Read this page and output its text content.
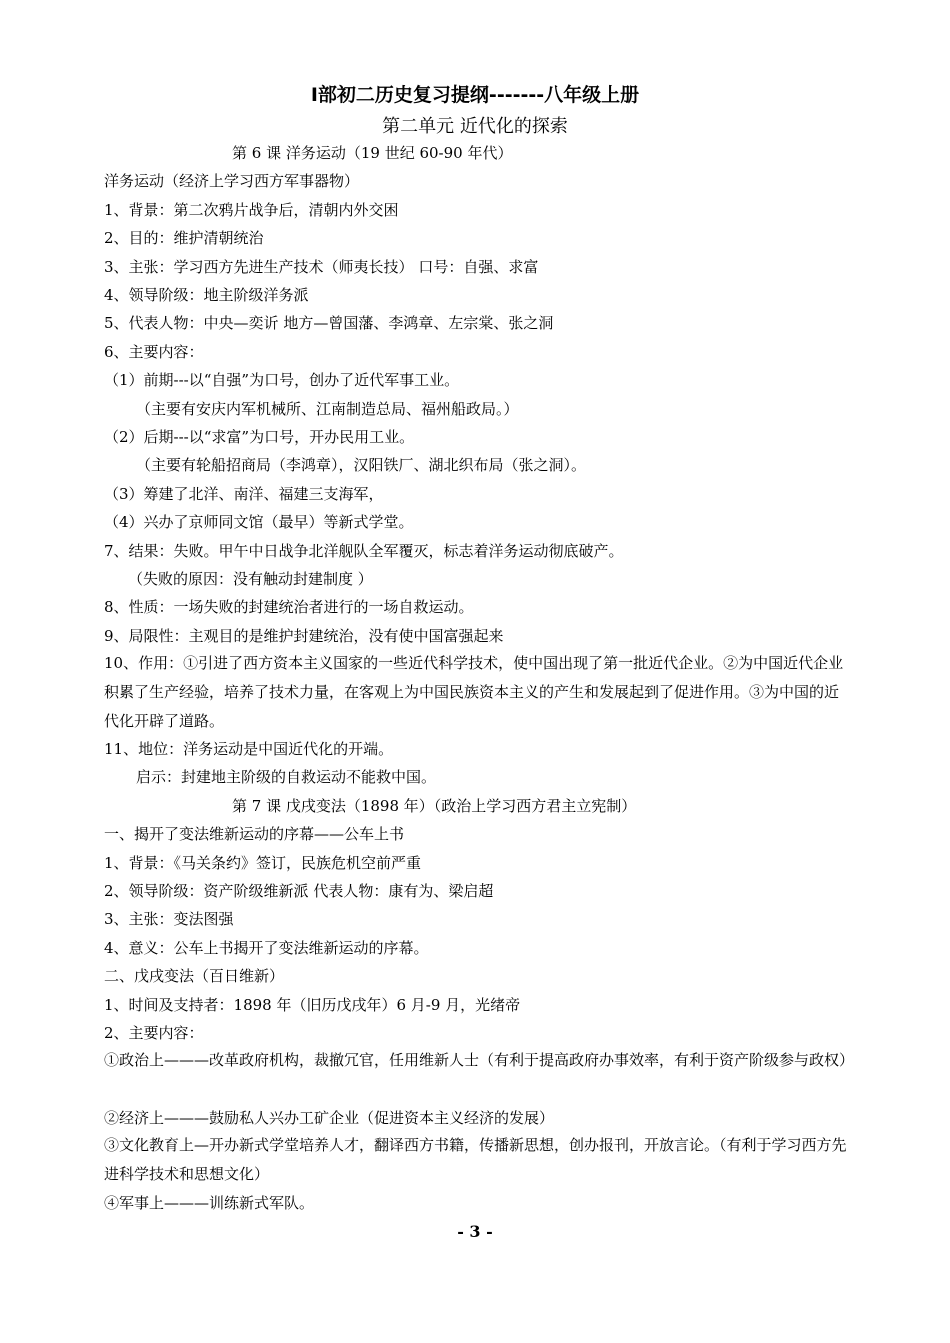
Ⅰ部初二历史复习提纲-------八年级上册
第二单元 近代化的探索
第 6 课 洋务运动（19 世纪 60-90 年代）
洋务运动（经济上学习西方军事器物）
1、背景：第二次鸦片战争后，清朝内外交困
2、目的：维护清朝统治
3、主张：学习西方先进生产技术（师夷长技） 口号：自强、求富
4、领导阶级：地主阶级洋务派
5、代表人物：中央—奕䜣 地方—曾国藩、李鸿章、左宗棠、张之洞
6、主要内容：
（1）前期---以“自强”为口号，创办了近代军事工业。
（主要有安庆内军机械所、江南制造总局、福州船政局。）
（2）后期---以“求富”为口号，开办民用工业。
（主要有轮船招商局（李鸿章），汉阳铁厂、湖北织布局（张之洞）。
（3）筹建了北洋、南洋、福建三支海军，
（4）兴办了京师同文馆（最早）等新式学堂。
7、结果：失败。甲午中日战争北洋舰队全军覆灭，标志着洋务运动彻底破产。
（失败的原因：没有触动封建制度 ）
8、性质：一场失败的封建统治者进行的一场自救运动。
9、局限性：主观目的是维护封建统治，没有使中国富强起来
10、作用：①引进了西方资本主义国家的一些近代科学技术，使中国出现了第一批近代企业。②为中国近代企业积累了生产经验，培养了技术力量，在客观上为中国民族资本主义的产生和发展起到了促进作用。③为中国的近代化开辟了道路。
11、地位：洋务运动是中国近代化的开端。
启示：封建地主阶级的自救运动不能救中国。
第 7 课 戊戌变法（1898 年）（政治上学习西方君主立宪制）
一、揭开了变法维新运动的序幕——公车上书
1、背景：《马关条约》签订，民族危机空前严重
2、领导阶级：资产阶级维新派 代表人物：康有为、梁启超
3、主张：变法图强
4、意义：公车上书揭开了变法维新运动的序幕。
二、戊戌变法（百日维新）
1、时间及支持者：1898 年（旧历戊戌年）6 月-9 月，光绪帝
2、主要内容：
①政治上———改革政府机构，裁撤冗官，任用维新人士（有利于提高政府办事效率，有利于资产阶级参与政权）
②经济上———鼓励私人兴办工矿企业（促进资本主义经济的发展）
③文化教育上—开办新式学堂培养人才，翻译西方书籍，传播新思想，创办报刊，开放言论。（有利于学习西方先进科学技术和思想文化）
④军事上———训练新式军队。
- 3 -
